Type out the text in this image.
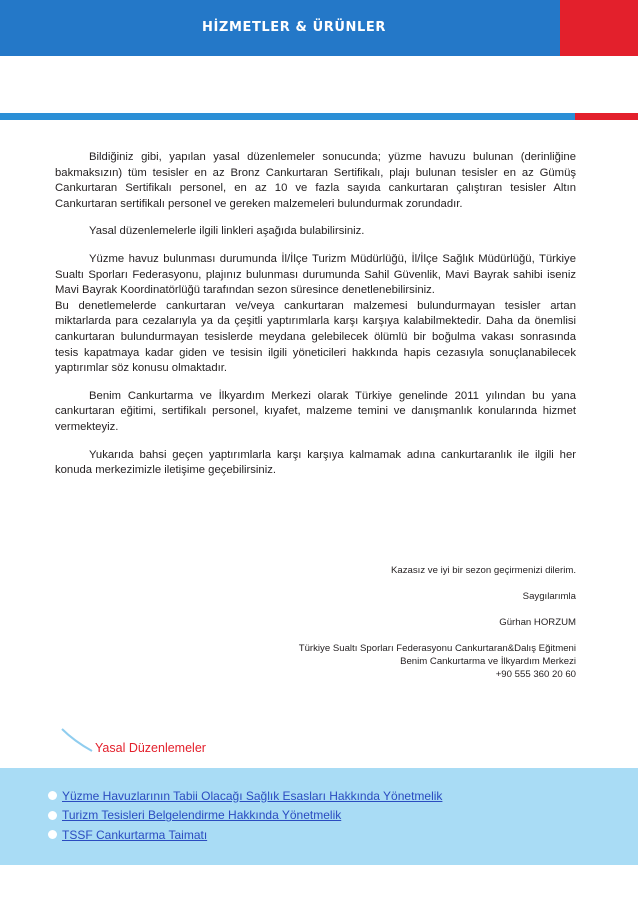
HİZMETLER & ÜRÜNLER

Bildiğiniz gibi, yapılan yasal düzenlemeler sonucunda; yüzme havuzu bulunan (derinliğine bakmaksızın) tüm tesisler en az Bronz Cankurtaran Sertifikalı, plajı bulunan tesisler en az Gümüş Cankurtaran Sertifikalı personel, en az 10 ve fazla sayıda cankurtaran çalıştıran tesisler Altın Cankurtaran sertifikalı personel ve gereken malzemeleri bulundurmak zorundadır.

Yasal düzenlemelerle ilgili linkleri aşağıda bulabilirsiniz.

Yüzme havuz bulunması durumunda İl/İlçe Turizm Müdürlüğü, İl/İlçe Sağlık Müdürlüğü, Türkiye Sualtı Sporları Federasyonu, plajınız bulunması durumunda Sahil Güvenlik, Mavi Bayrak sahibi iseniz Mavi Bayrak Koordinatörlüğü tarafından sezon süresince denetlenebilirsiniz.

Bu denetlemelerde cankurtaran ve/veya cankurtaran malzemesi bulundurmayan tesisler artan miktarlarda para cezalarıyla ya da çeşitli yaptırımlarla karşı karşıya kalabilmektedir. Daha da önemlisi cankurtaran bulundurmayan tesislerde meydana gelebilecek ölümlü bir boğulma vakası sonrasında tesis kapatmaya kadar giden ve tesisin ilgili yöneticileri hakkında hapis cezasıyla sonuçlanabilecek yaptırımlar söz konusu olmaktadır.

Benim Cankurtarma ve İlkyardım Merkezi olarak Türkiye genelinde 2011 yılından bu yana cankurtaran eğitimi, sertifikalı personel, kıyafet, malzeme temini ve danışmanlık konularında hizmet vermekteyiz.

Yukarıda bahsi geçen yaptırımlarla karşı karşıya kalmamak adına cankurtaranlık ile ilgili her konuda merkezimizle iletişime geçebilirsiniz.

Kazasız ve iyi bir sezon geçirmenizi dilerim.
Saygılarımla
Gürhan HORZUM
Türkiye Sualtı Sporları Federasyonu Cankurtaran&Dalış Eğitmeni
Benim Cankurtarma ve İlkyardım Merkezi
+90 555 360 20 60
Yasal Düzenlemeler
Yüzme Havuzlarının Tabii Olacağı Sağlık Esasları Hakkında Yönetmelik
Turizm Tesisleri Belgelendirme Hakkında Yönetmelik
TSSF Cankurtarma Taimatı
